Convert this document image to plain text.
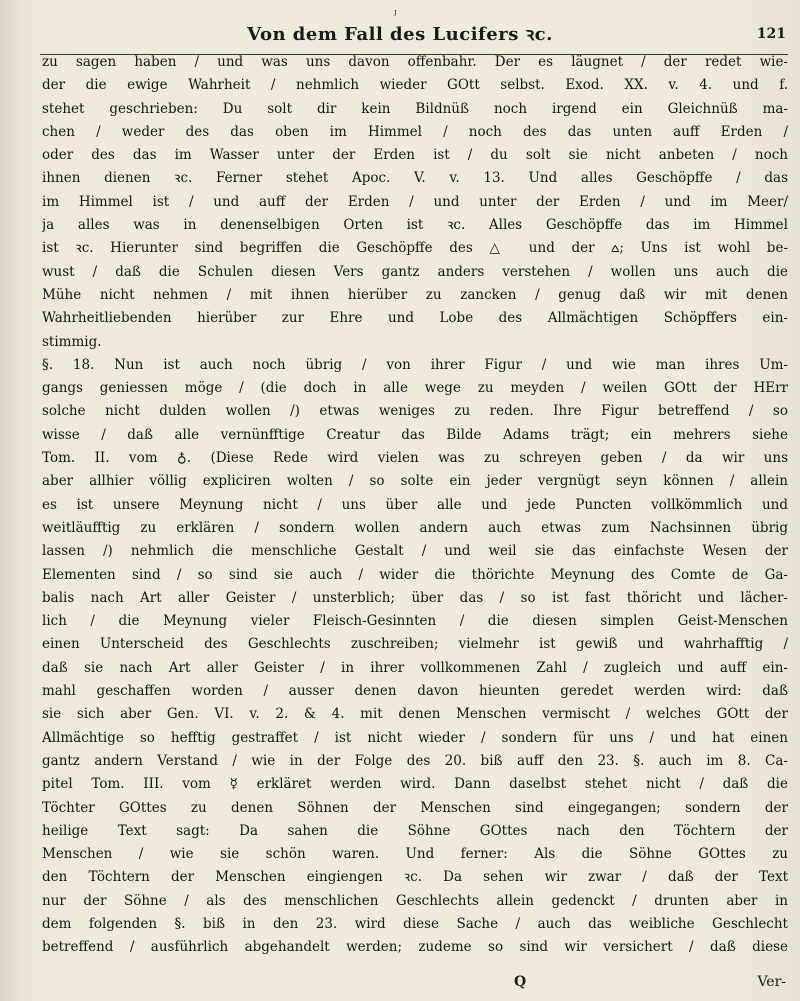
ᴶ
Von dem Fall des Lucifers ꝛc.	121
zu sagen haben / und was uns davon offenbahr. Der es läugnet / der redet wie-
der die ewige Wahrheit / nehmlich wieder GOtt selbst. Exod. XX. v. 4. und f.
stehet geschrieben: Du solt dir kein Bildnüß noch irgend ein Gleichnüß ma-
chen / weder des das oben im Himmel / noch des das unten auff Erden /
oder des das im Wasser unter der Erden ist / du solt sie nicht anbeten / noch
ihnen dienen ꝛc. Ferner stehet Apoc. V. v. 13. Und alles Geschöpffe / das
im Himmel ist / und auff der Erden / und unter der Erden / und im Meer/
ja alles was in denenselbigen Orten ist ꝛc. Alles Geschöpffe das im Himmel
ist ꝛc. Hierunter sind begriffen die Geschöpffe des △ und der ⩟; Uns ist wohl be-
wust / daß die Schulen diesen Vers gantz anders verstehen / wollen uns auch die
Mühe nicht nehmen / mit ihnen hierüber zu zancken / genug daß wir mit denen
Wahrheitliebenden hierüber zur Ehre und Lobe des Allmächtigen Schöpffers ein-
stimmig.
§. 18. Nun ist auch noch übrig / von ihrer Figur / und wie man ihres Um-
gangs geniessen möge / (die doch in alle wege zu meyden / weilen GOtt der HErr
solche nicht dulden wollen /) etwas weniges zu reden. Ihre Figur betreffend / so
wisse / daß alle vernünfftige Creatur das Bilde Adams trägt; ein mehrers siehe
Tom. II. vom ♁. (Diese Rede wird vielen was zu schreyen geben / da wir uns
aber allhier völlig expliciren wolten / so solte ein jeder vergnügt seyn können / allein
es ist unsere Meynung nicht / uns über alle und jede Puncten vollkömmlich und
weitläufftig zu erklären / sondern wollen andern auch etwas zum Nachsinnen übrig
lassen /) nehmlich die menschliche Gestalt / und weil sie das einfachste Wesen der
Elementen sind / so sind sie auch / wider die thörichte Meynung des Comte de Ga-
balis nach Art aller Geister / unsterblich; über das / so ist fast thöricht und lächer-
lich / die Meynung vieler Fleisch-Gesinnten / die diesen simplen Geist-Menschen
einen Unterscheid des Geschlechts zuschreiben; vielmehr ist gewiß und wahrhafftig /
daß sie nach Art aller Geister / in ihrer vollkommenen Zahl / zugleich und auff ein-
mahl geschaffen worden / ausser denen davon hieunten geredet werden wird: daß
sie sich aber Gen. VI. v. 2. & 4. mit denen Menschen vermischt / welches GOtt der
Allmächtige so hefftig gestraffet / ist nicht wieder / sondern für uns / und hat einen
gantz andern Verstand / wie in der Folge des 20. biß auff den 23. §. auch im 8. Ca-
pitel Tom. III. vom ☿ erkläret werden wird. Dann daselbst stehet nicht / daß die
Töchter GOttes zu denen Söhnen der Menschen sind eingegangen; sondern der
heilige Text sagt: Da sahen die Söhne GOttes nach den Töchtern der
Menschen / wie sie schön waren. Und ferner: Als die Söhne GOttes zu
den Töchtern der Menschen eingiengen ꝛc. Da sehen wir zwar / daß der Text
nur der Söhne / als des menschlichen Geschlechts allein gedenckt / drunten aber in
dem folgenden §. biß in den 23. wird diese Sache / auch das weibliche Geschlecht
betreffend / ausführlich abgehandelt werden; zudeme so sind wir versichert / daß diese
Q	Ver-
